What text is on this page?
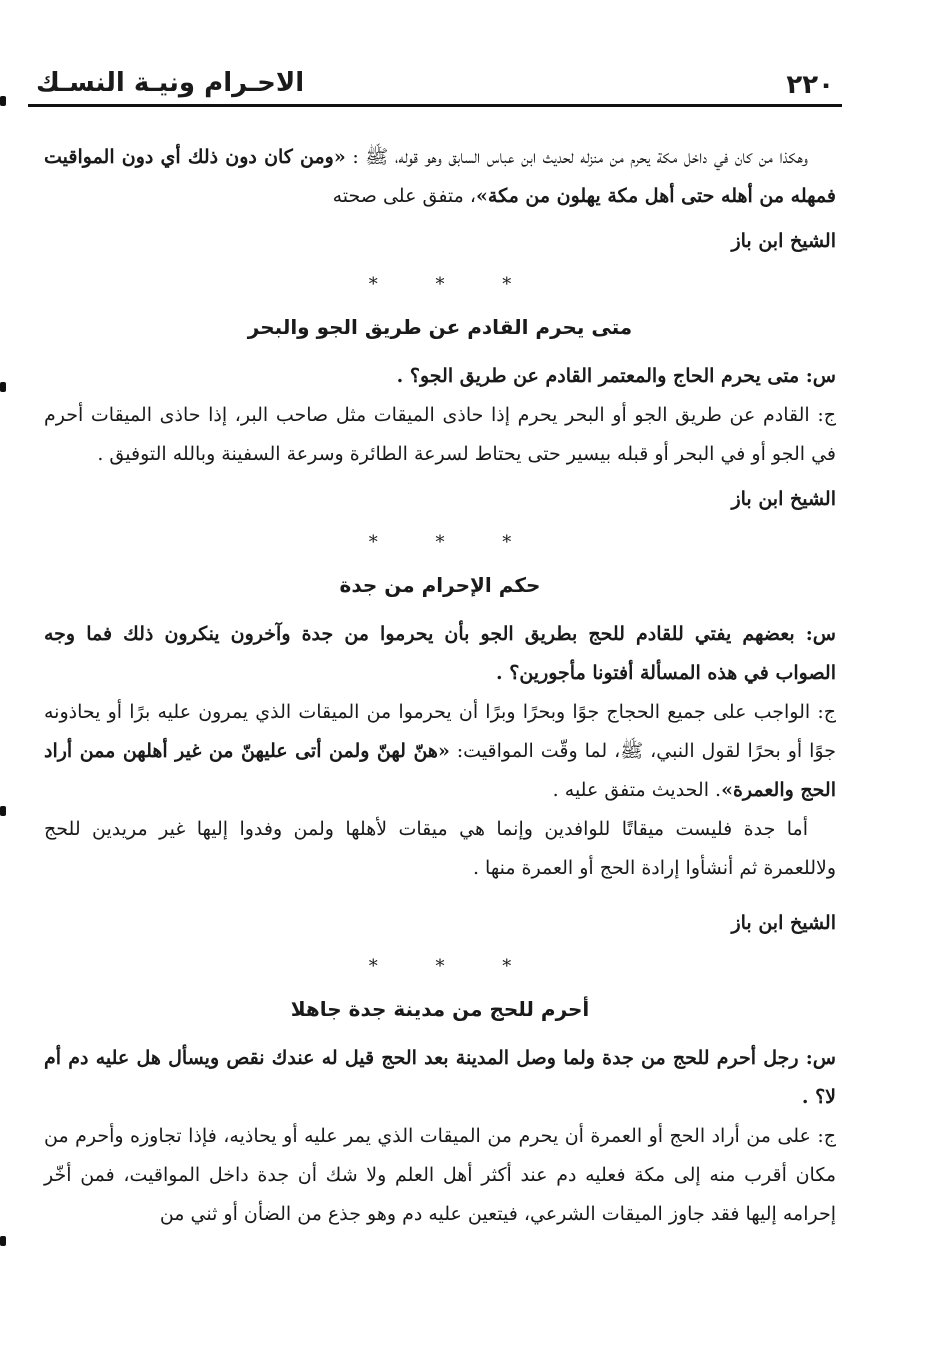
٢٢٠
الاحـرام ونيـة النسـك

وهكذا من كان في داخل مكة يحرم من منزله لحديث ابن عباس السابق وهو قوله، ﷺ : «ومن كان دون ذلك أي دون المواقيت فمهله من أهله حتى أهل مكة يهلون من مكة»، متفق على صحته

الشيخ ابن باز
* * *
متى يحرم القادم عن طريق الجو والبحر

س: متى يحرم الحاج والمعتمر القادم عن طريق الجو؟ .

ج: القادم عن طريق الجو أو البحر يحرم إذا حاذى الميقات مثل صاحب البر، إذا حاذى الميقات أحرم في الجو أو في البحر أو قبله بيسير حتى يحتاط لسرعة الطائرة وسرعة السفينة وبالله التوفيق .

الشيخ ابن باز
* * *
حكم الإحرام من جدة

س: بعضهم يفتي للقادم للحج بطريق الجو بأن يحرموا من جدة وآخرون ينكرون ذلك فما وجه الصواب في هذه المسألة أفتونا مأجورين؟ .

ج: الواجب على جميع الحجاج جوًا وبحرًا وبرًا أن يحرموا من الميقات الذي يمرون عليه برًا أو يحاذونه جوًا أو بحرًا لقول النبي، ﷺ، لما وقّت المواقيت: «هنّ لهنّ ولمن أتى عليهنّ من غير أهلهن ممن أراد الحج والعمرة». الحديث متفق عليه .

أما جدة فليست ميقاتًا للوافدين وإنما هي ميقات لأهلها ولمن وفدوا إليها غير مريدين للحج ولاللعمرة ثم أنشأوا إرادة الحج أو العمرة منها .

الشيخ ابن باز
* * *
أحرم للحج من مدينة جدة جاهلا

س: رجل أحرم للحج من جدة ولما وصل المدينة بعد الحج قيل له عندك نقص ويسأل هل عليه دم أم لا؟ .

ج: على من أراد الحج أو العمرة أن يحرم من الميقات الذي يمر عليه أو يحاذيه، فإذا تجاوزه وأحرم من مكان أقرب منه إلى مكة فعليه دم عند أكثر أهل العلم ولا شك أن جدة داخل المواقيت، فمن أخّر إحرامه إليها فقد جاوز الميقات الشرعي، فيتعين عليه دم وهو جذع من الضأن أو ثني من
